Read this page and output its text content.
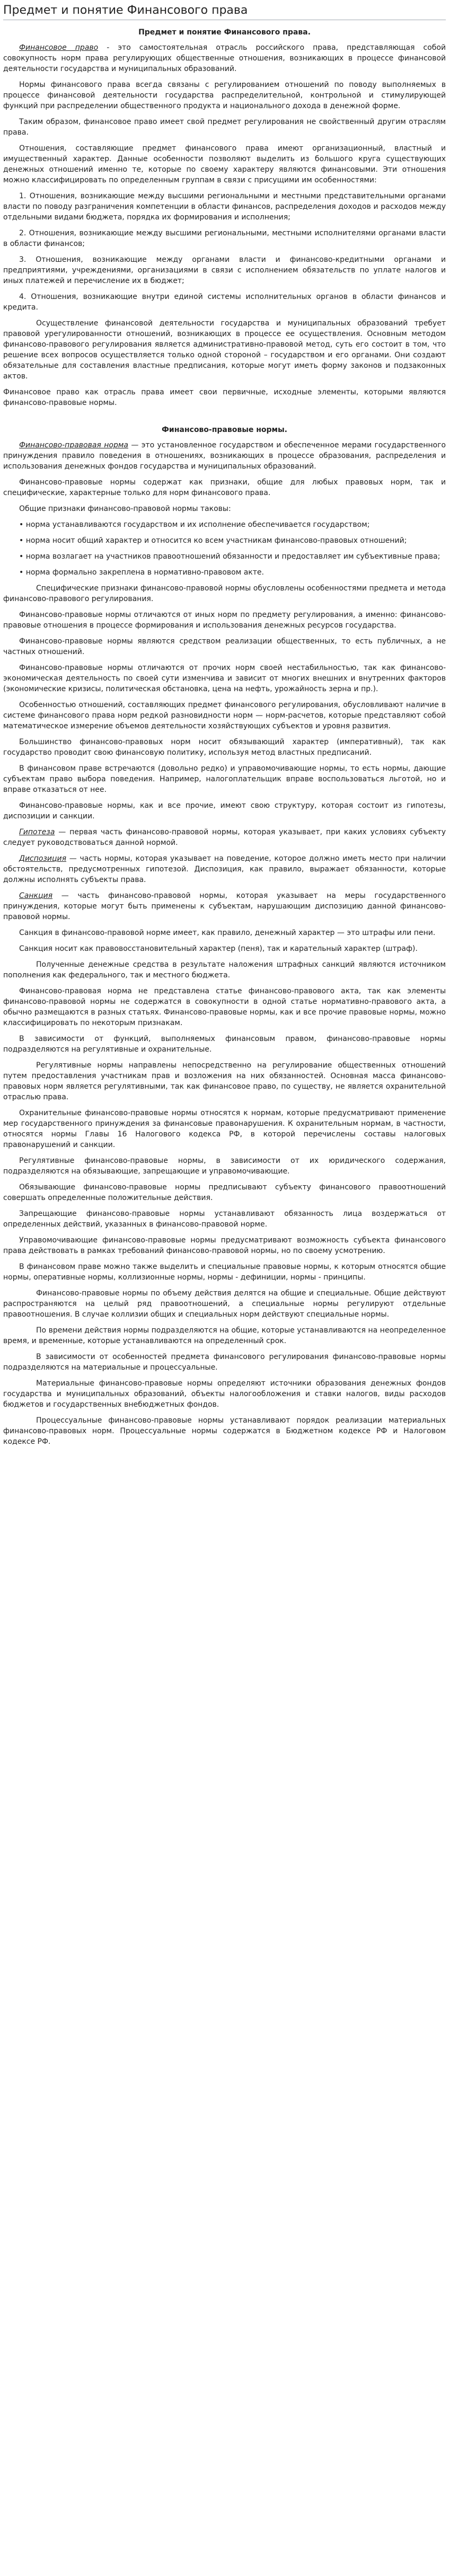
Предмет и понятие Финансового права
Предмет и понятие Финансового права.

Финансовое право - это самостоятельная отрасль российского права, представляющая собой совокупность норм права регулирующих общественные отношения, возникающих в процессе финансовой деятельности государства и муниципальных образований.

Нормы финансового права всегда связаны с регулированием отношений по поводу выполняемых в процессе финансовой деятельности государства распределительной, контрольной и стимулирующей функций при распределении общественного продукта и национального дохода в денежной форме.

Таким образом, финансовое право имеет свой предмет регулирования не свойственный другим отраслям права.

Отношения, составляющие предмет финансового права имеют организационный, властный и имущественный характер. Данные особенности позволяют выделить из большого круга существующих денежных отношений именно те, которые по своему характеру являются финансовыми. Эти отношения можно классифицировать по определенным группам в связи с присущими им особенностями:

1. Отношения, возникающие между высшими региональными и местными представительными органами власти по поводу разграничения компетенции в области финансов, распределения доходов и расходов между отдельными видами бюджета, порядка их формирования и исполнения;

2. Отношения, возникающие между высшими региональными, местными исполнителями органами власти в области финансов;

3. Отношения, возникающие между органами власти и финансово-кредитными органами и предприятиями, учреждениями, организациями в связи с исполнением обязательств по уплате налогов и иных платежей и перечисление их в бюджет;

4. Отношения, возникающие внутри единой системы исполнительных органов в области финансов и кредита.

Осуществление финансовой деятельности государства и муниципальных образований требует правовой урегулированности отношений, возникающих в процессе ее осуществления. Основным методом финансово-правового регулирования является административно-правовой метод, суть его состоит в том, что решение всех вопросов осуществляется только одной стороной – государством и его органами. Они создают обязательные для составления властные предписания, которые могут иметь форму законов и подзаконных актов.

Финансовое право как отрасль права имеет свои первичные, исходные элементы, которыми являются финансово-правовые нормы.

Финансово-правовые нормы.

Финансово-правовая норма — это установленное государством и обеспеченное мерами государственного принуждения правило поведения в отношениях, возникающих в процессе образования, распределения и использования денежных фондов государства и муниципальных образований.

Финансово-правовые нормы содержат как признаки, общие для любых правовых норм, так и специфические, характерные только для норм финансового права.

Общие признаки финансово-правовой нормы таковы:

• норма устанавливаются государством и их исполнение обеспечивается государством;

• норма носит общий характер и относится ко всем участникам финансово-правовых отношений;

• норма возлагает на участников правоотношений обязанности и предоставляет им субъективные права;

• норма формально закреплена в нормативно-правовом акте.

Специфические признаки финансово-правовой нормы обусловлены особенностями предмета и метода финансово-правового регулирования.

Финансово-правовые нормы отличаются от иных норм по предмету регулирования, а именно: финансово-правовые отношения в процессе формирования и использования денежных ресурсов государства.

Финансово-правовые нормы являются средством реализации общественных, то есть публичных, а не частных отношений.

Финансово-правовые нормы отличаются от прочих норм своей нестабильностью, так как финансово-экономическая деятельность по своей сути изменчива и зависит от многих внешних и внутренних факторов (экономические кризисы, политическая обстановка, цена на нефть, урожайность зерна и пр.).

Особенностью отношений, составляющих предмет финансового регулирования, обусловливают наличие в системе финансового права норм редкой разновидности норм — норм-расчетов, которые представляют собой математическое измерение объемов деятельности хозяйствующих субъектов и уровня развития.

Большинство финансово-правовых норм носит обязывающий характер (императивный), так как государство проводит свою финансовую политику, используя метод властных предписаний.

В финансовом праве встречаются (довольно редко) и управомочивающие нормы, то есть нормы, дающие субъектам право выбора поведения. Например, налогоплательщик вправе воспользоваться льготой, но и вправе отказаться от нее.

Финансово-правовые нормы, как и все прочие, имеют свою структуру, которая состоит из гипотезы, диспозиции и санкции.

Гипотеза — первая часть финансово-правовой нормы, которая указывает, при каких условиях субъекту следует руководствоваться данной нормой.

Диспозиция — часть нормы, которая указывает на поведение, которое должно иметь место при наличии обстоятельств, предусмотренных гипотезой. Диспозиция, как правило, выражает обязанности, которые должны исполнять субъекты права.

Санкция — часть финансово-правовой нормы, которая указывает на меры государственного принуждения, которые могут быть применены к субъектам, нарушающим диспозицию данной финансово-правовой нормы.

Санкция в финансово-правовой норме имеет, как правило, денежный характер — это штрафы или пени.

Санкция носит как правовосстановительный характер (пеня), так и карательный характер (штраф).

Полученные денежные средства в результате наложения штрафных санкций являются источником пополнения как федерального, так и местного бюджета.

Финансово-правовая норма не представлена статье финансово-правового акта, так как элементы финансово-правовой нормы не содержатся в совокупности в одной статье нормативно-правового акта, а обычно размещаются в разных статьях. Финансово-правовые нормы, как и все прочие правовые нормы, можно классифицировать по некоторым признакам.

В зависимости от функций, выполняемых финансовым правом, финансово-правовые нормы подразделяются на регулятивные и охранительные.

Регулятивные нормы направлены непосредственно на регулирование общественных отношений путем предоставления участникам прав и возложения на них обязанностей. Основная масса финансово-правовых норм является регулятивными, так как финансовое право, по существу, не является охранительной отраслью права.

Охранительные финансово-правовые нормы относятся к нормам, которые предусматривают применение мер государственного принуждения за финансовые правонарушения. К охранительным нормам, в частности, относятся нормы Главы 16 Налогового кодекса РФ, в которой перечислены составы налоговых правонарушений и санкции.

Регулятивные финансово-правовые нормы, в зависимости от их юридического содержания, подразделяются на обязывающие, запрещающие и управомочивающие.

Обязывающие финансово-правовые нормы предписывают субъекту финансового правоотношений совершать определенные положительные действия.

Запрещающие финансово-правовые нормы устанавливают обязанность лица воздержаться от определенных действий, указанных в финансово-правовой норме.

Управомочивающие финансово-правовые нормы предусматривают возможность субъекта финансового права действовать в рамках требований финансово-правовой нормы, но по своему усмотрению.

В финансовом праве можно также выделить и специальные правовые нормы, к которым относятся общие нормы, оперативные нормы, коллизионные нормы, нормы - дефиниции, нормы - принципы.

Финансово-правовые нормы по объему действия делятся на общие и специальные. Общие действуют распространяются на целый ряд правоотношений, а специальные нормы регулируют отдельные правоотношения. В случае коллизии общих и специальных норм действуют специальные нормы.

По времени действия нормы подразделяются на общие, которые устанавливаются на неопределенное время, и временные, которые устанавливаются на определенный срок.

В зависимости от особенностей предмета финансового регулирования финансово-правовые нормы подразделяются на материальные и процессуальные.

Материальные финансово-правовые нормы определяют источники образования денежных фондов государства и муниципальных образований, объекты налогообложения и ставки налогов, виды расходов бюджетов и государственных внебюджетных фондов.

Процессуальные финансово-правовые нормы устанавливают порядок реализации материальных финансово-правовых норм. Процессуальные нормы содержатся в Бюджетном кодексе РФ и Налоговом кодексе РФ.
